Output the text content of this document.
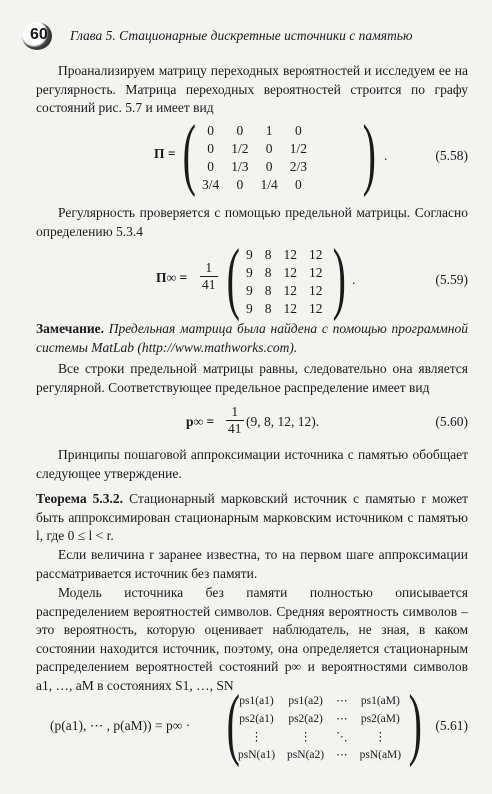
60 Глава 5. Стационарные дискретные источники с памятью

Проанализируем матрицу переходных вероятностей и исследуем ее на регулярность. Матрица переходных вероятностей строится по графу состояний рис. 5.7 и имеет вид

Π = ( 0	0	1	0
0	1/2	0	1/2
0	1/3	0	2/3
3/4	0	1/4	0 ) .	(5.58)

Регулярность проверяется с помощью предельной матрицы. Согласно определению 5.3.4

$\Pi\infty = \frac{1}{41}$ ( 9	8	12	12
9	8	12	12
9	8	12	12
9	8	12	12 ) .	(5.59)

Замечание. Предельная матрица была найдена с помощью программной системы MatLab (http://www.mathworks.com).

Все строки предельной матрицы равны, следовательно она является регулярной. Соответствующее предельное распределение имеет вид

$p\infty = \frac{1}{41} (9$, 8, 12, 12).	(5.60)

Принципы пошаговой аппроксимации источника с памятью обобщает следующее утверждение.

Теорема 5.3.2. Стационарный марковский источник с памятью r может быть аппроксимирован стационарным марковским источником с памятью l, где 0 ≤ l < r.

Если величина r заранее известна, то на первом шаге аппроксимации рассматривается источник без памяти.

Модель источника без памяти полностью описывается распределением вероятностей символов. Средняя вероятность символов – это вероятность, которую оценивает наблюдатель, не зная, в каком состоянии находится источник, поэтому, она определяется стационарным распределением вероятностей состояний p∞ и вероятностями символов a1, …, aM в состояниях S1, …, SN

(p(a1), ⋯ , p(aM)) = p∞ · ( ps1(a1)	ps1(a2)	⋯	ps1(aM)
ps2(a1)	ps2(a2)	⋯	ps2(aM)
⋮	⋮	⋱	⋮
psN(a1)	psN(a2)	⋯	psN(aM) ) (5.61)
